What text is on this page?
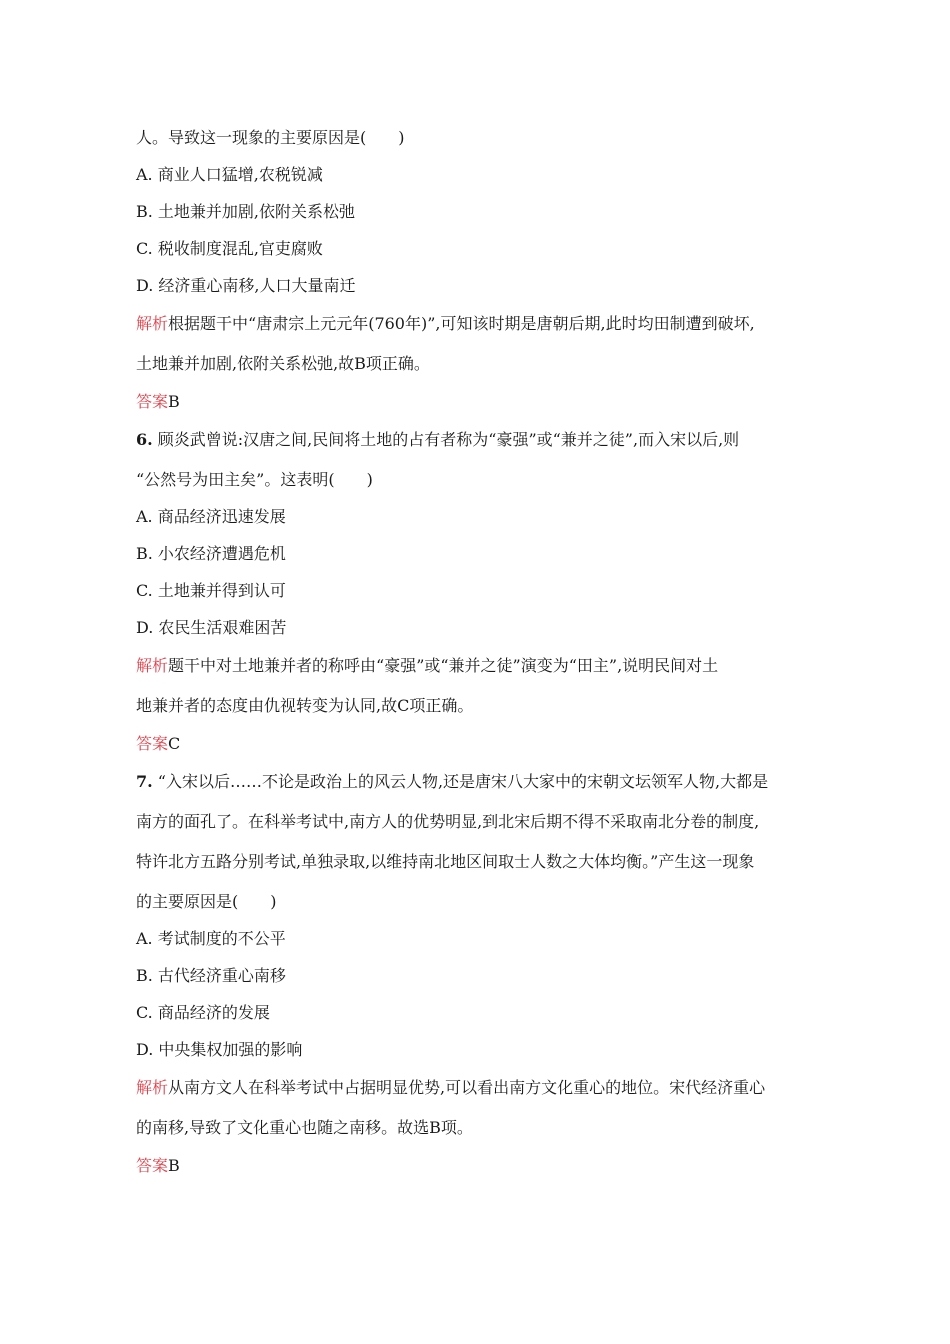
人。导致这一现象的主要原因是(　　)
A. 商业人口猛增,农税锐减
B. 土地兼并加剧,依附关系松弛
C. 税收制度混乱,官吏腐败
D. 经济重心南移,人口大量南迁
解析根据题干中“唐肃宗上元元年(760年)”,可知该时期是唐朝后期,此时均田制遭到破坏,
土地兼并加剧,依附关系松弛,故B项正确。
答案B
6. 顾炎武曾说:汉唐之间,民间将土地的占有者称为“豪强”或“兼并之徒”,而入宋以后,则
“公然号为田主矣”。这表明(　　)
A. 商品经济迅速发展
B. 小农经济遭遇危机
C. 土地兼并得到认可
D. 农民生活艰难困苦
解析题干中对土地兼并者的称呼由“豪强”或“兼并之徒”演变为“田主”,说明民间对土
地兼并者的态度由仇视转变为认同,故C项正确。
答案C
7. “入宋以后……不论是政治上的风云人物,还是唐宋八大家中的宋朝文坛领军人物,大都是
南方的面孔了。在科举考试中,南方人的优势明显,到北宋后期不得不采取南北分卷的制度,
特许北方五路分别考试,单独录取,以维持南北地区间取士人数之大体均衡。”产生这一现象
的主要原因是(　　)
A. 考试制度的不公平
B. 古代经济重心南移
C. 商品经济的发展
D. 中央集权加强的影响
解析从南方文人在科举考试中占据明显优势,可以看出南方文化重心的地位。宋代经济重心
的南移,导致了文化重心也随之南移。故选B项。
答案B
